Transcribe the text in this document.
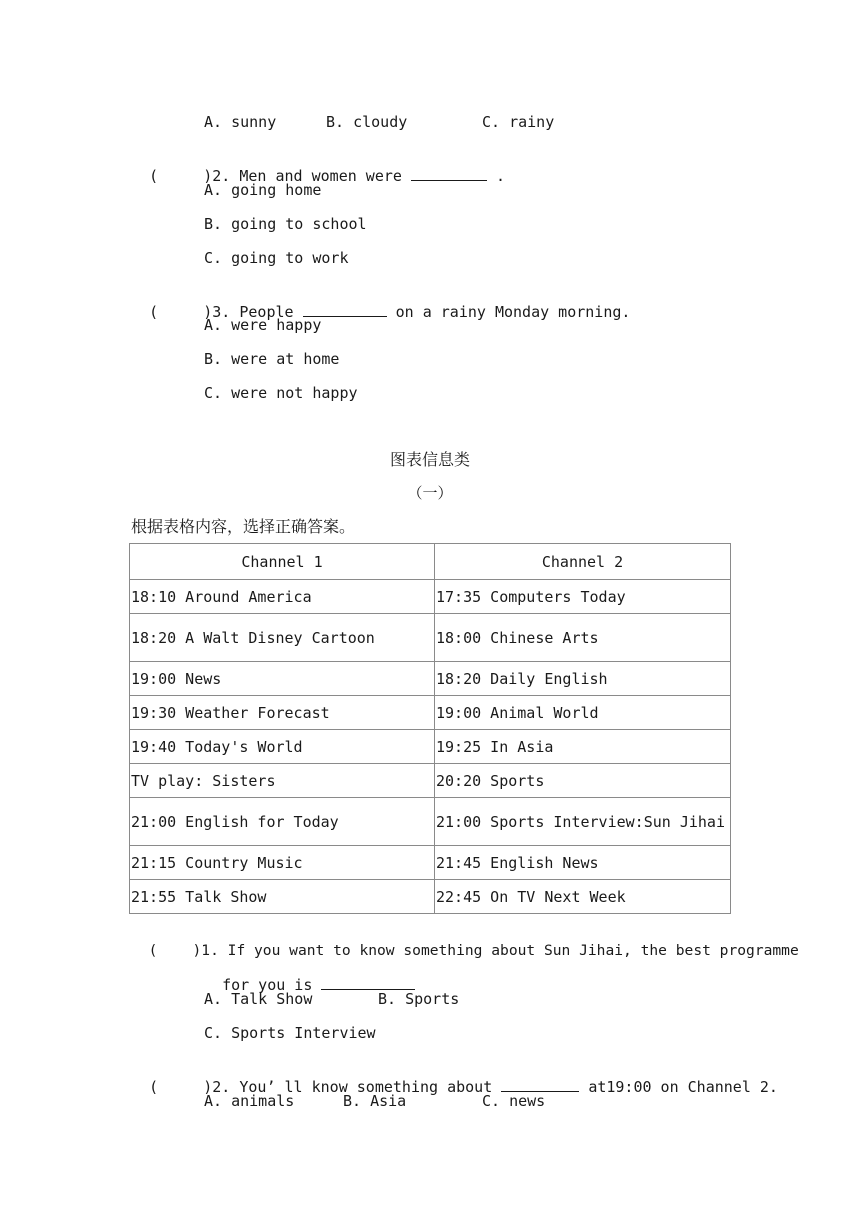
A. sunny	B. cloudy	C. rainy

(     )2. Men and women were	.

A. going home
B. going to school
C. going to work

(     )3. People	on a rainy Monday morning.

A. were happy
B. were at home
C. were not happy
图表信息类
（一）
根据表格内容，选择正确答案。
Channel 1	Channel 2
18:10 Around America	17:35 Computers Today
18:20 A Walt Disney Cartoon	18:00 Chinese Arts
19:00 News	18:20 Daily English
19:30 Weather Forecast	19:00 Animal World
19:40 Today's World	19:25 In Asia
TV play: Sisters	20:20 Sports
21:00 English for Today	21:00 Sports Interview:Sun Jihai
21:15 Country Music	21:45 English News
21:55 Talk Show	22:45 On TV Next Week

(    )1. If you want to know something about Sun Jihai, the best programme

for you is

A. Talk Show	B. Sports
C. Sports Interview

(     )2. You’ ll know something about	at19:00 on Channel 2.

A. animals	B. Asia	C. news
